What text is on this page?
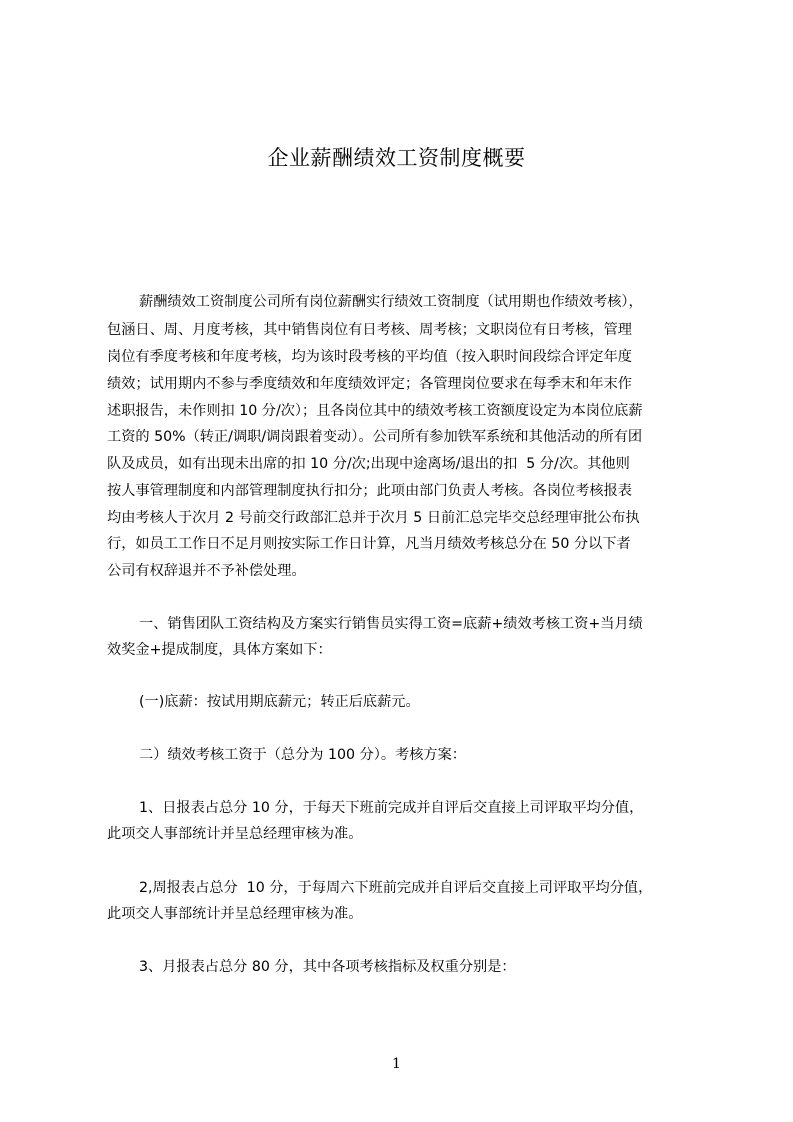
企业薪酬绩效工资制度概要
薪酬绩效工资制度公司所有岗位薪酬实行绩效工资制度（试用期也作绩效考核），
包涵日、周、月度考核，其中销售岗位有日考核、周考核；文职岗位有日考核，管理
岗位有季度考核和年度考核，均为该时段考核的平均值（按入职时间段综合评定年度
绩效；试用期内不参与季度绩效和年度绩效评定；各管理岗位要求在每季末和年末作
述职报告，未作则扣 10 分/次）；且各岗位其中的绩效考核工资额度设定为本岗位底薪
工资的 50%（转正/调职/调岗跟着变动）。公司所有参加铁军系统和其他活动的所有团
队及成员，如有出现未出席的扣 10 分/次;出现中途离场/退出的扣  5 分/次。其他则
按人事管理制度和内部管理制度执行扣分；此项由部门负责人考核。各岗位考核报表
均由考核人于次月 2 号前交行政部汇总并于次月 5 日前汇总完毕交总经理审批公布执
行，如员工工作日不足月则按实际工作日计算，凡当月绩效考核总分在 50 分以下者
公司有权辞退并不予补偿处理。
一、销售团队工资结构及方案实行销售员实得工资=底薪+绩效考核工资+当月绩
效奖金+提成制度，具体方案如下：
(一)底薪：按试用期底薪元；转正后底薪元。
二）绩效考核工资于（总分为 100 分）。考核方案：
1、日报表占总分 10 分，于每天下班前完成并自评后交直接上司评取平均分值，
此项交人事部统计并呈总经理审核为准。
2,周报表占总分  10 分，于每周六下班前完成并自评后交直接上司评取平均分值，
此项交人事部统计并呈总经理审核为准。
3、月报表占总分 80 分，其中各项考核指标及权重分别是：
1
